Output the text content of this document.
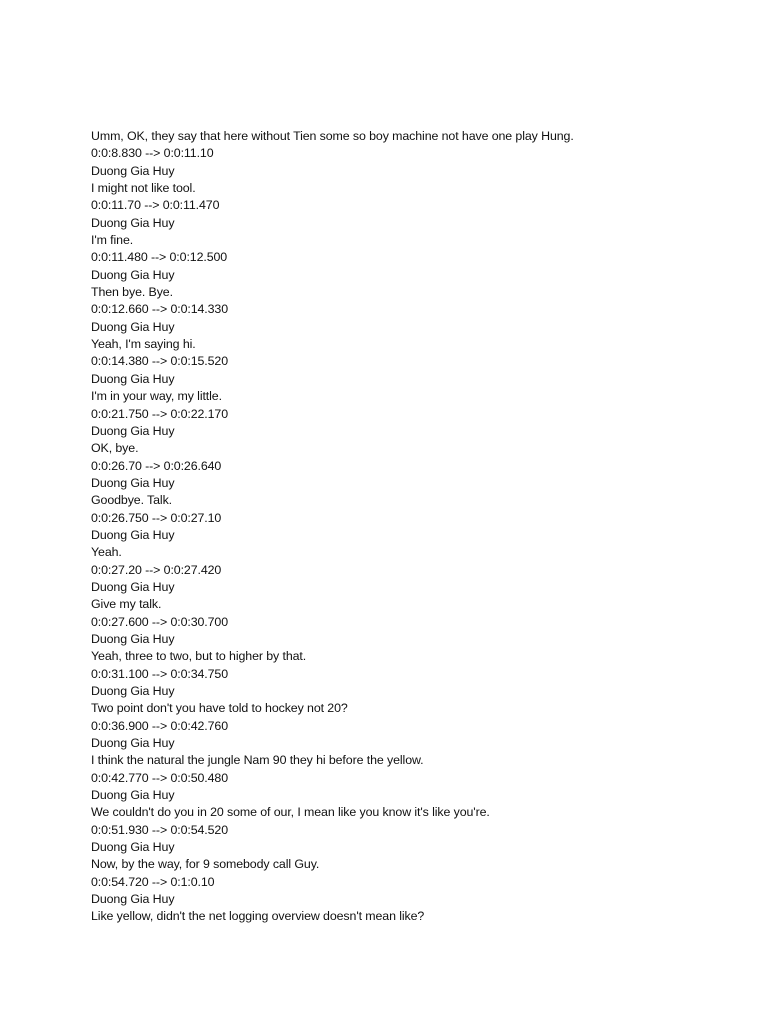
Umm, OK, they say that here without Tien some so boy machine not have one play Hung.
0:0:8.830 --> 0:0:11.10
Duong Gia Huy
I might not like tool.
0:0:11.70 --> 0:0:11.470
Duong Gia Huy
I'm fine.
0:0:11.480 --> 0:0:12.500
Duong Gia Huy
Then bye. Bye.
0:0:12.660 --> 0:0:14.330
Duong Gia Huy
Yeah, I'm saying hi.
0:0:14.380 --> 0:0:15.520
Duong Gia Huy
I'm in your way, my little.
0:0:21.750 --> 0:0:22.170
Duong Gia Huy
OK, bye.
0:0:26.70 --> 0:0:26.640
Duong Gia Huy
Goodbye. Talk.
0:0:26.750 --> 0:0:27.10
Duong Gia Huy
Yeah.
0:0:27.20 --> 0:0:27.420
Duong Gia Huy
Give my talk.
0:0:27.600 --> 0:0:30.700
Duong Gia Huy
Yeah, three to two, but to higher by that.
0:0:31.100 --> 0:0:34.750
Duong Gia Huy
Two point don't you have told to hockey not 20?
0:0:36.900 --> 0:0:42.760
Duong Gia Huy
I think the natural the jungle Nam 90 they hi before the yellow.
0:0:42.770 --> 0:0:50.480
Duong Gia Huy
We couldn't do you in 20 some of our, I mean like you know it's like you're.
0:0:51.930 --> 0:0:54.520
Duong Gia Huy
Now, by the way, for 9 somebody call Guy.
0:0:54.720 --> 0:1:0.10
Duong Gia Huy
Like yellow, didn't the net logging overview doesn't mean like?
